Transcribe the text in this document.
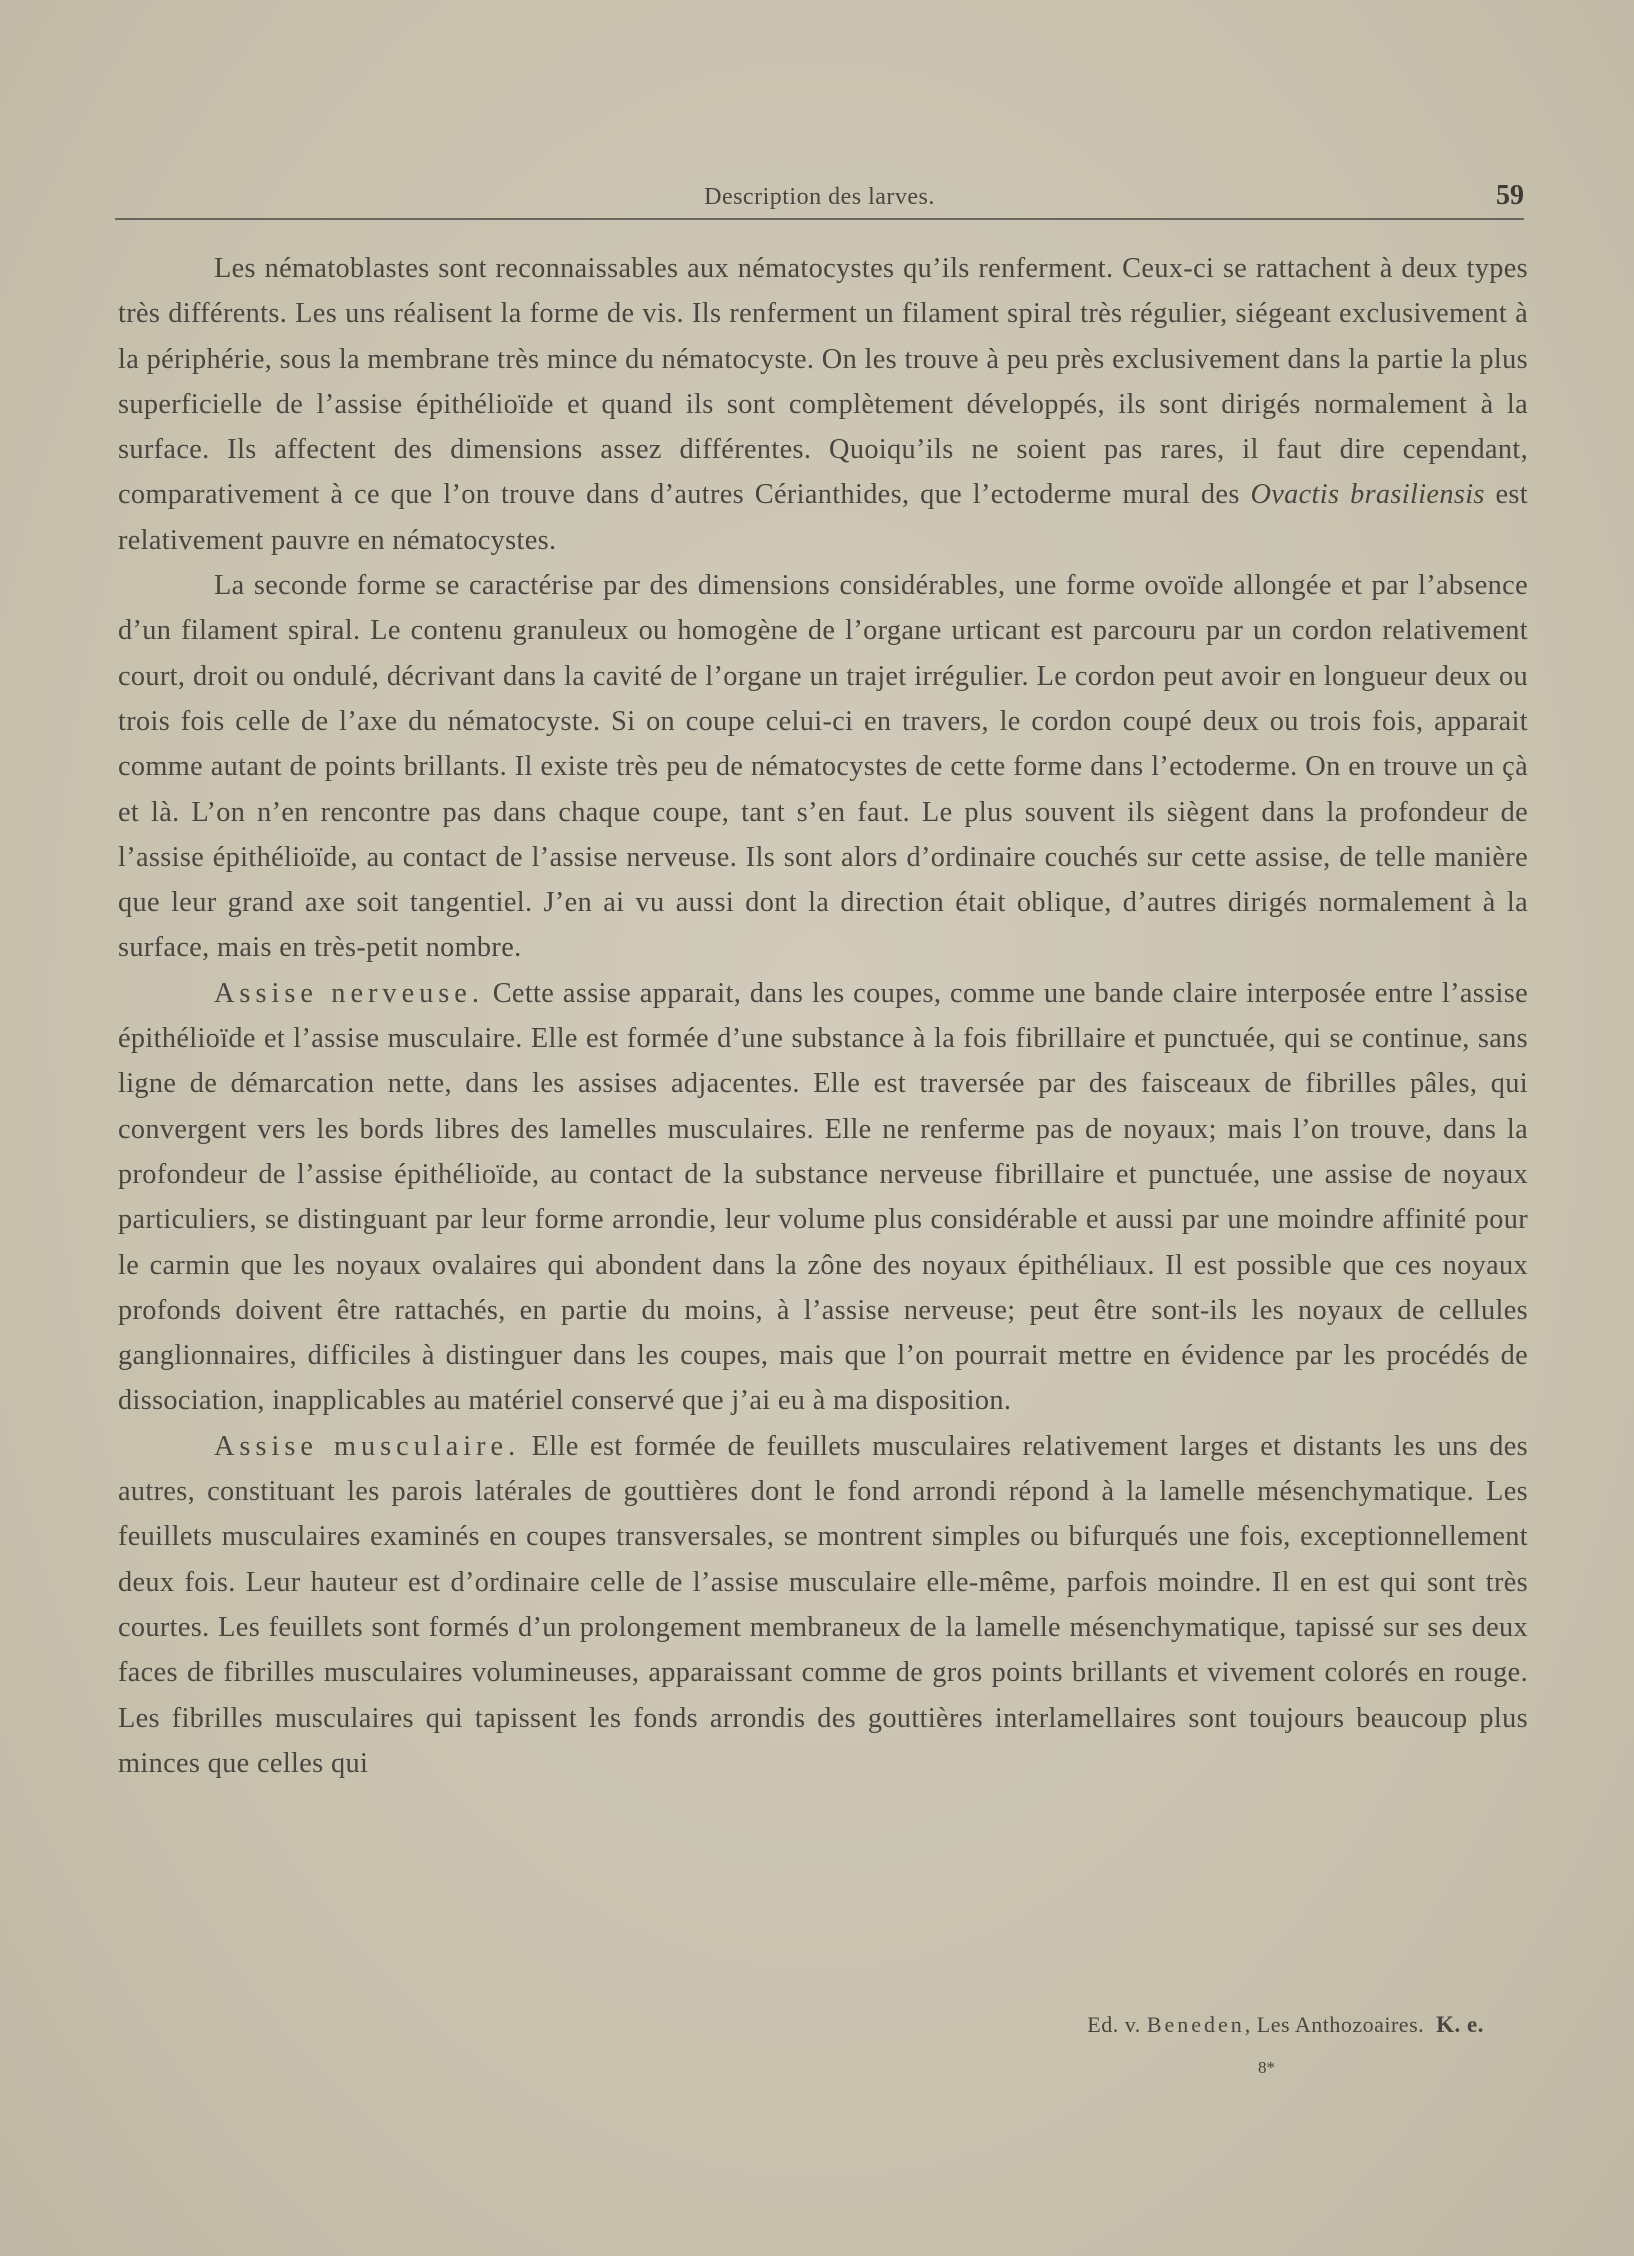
Description des larves.	59

Les nématoblastes sont reconnaissables aux nématocystes qu’ils renferment. Ceux-ci se rattachent à deux types très différents. Les uns réalisent la forme de vis. Ils renferment un filament spiral très régulier, siégeant exclusivement à la périphérie, sous la membrane très mince du nématocyste. On les trouve à peu près exclusivement dans la partie la plus superficielle de l’assise épithélioïde et quand ils sont complètement développés, ils sont dirigés normalement à la surface. Ils affectent des dimensions assez différentes. Quoiqu’ils ne soient pas rares, il faut dire cependant, comparativement à ce que l’on trouve dans d’autres Cérianthides, que l’ectoderme mural des Ovactis brasiliensis est relativement pauvre en nématocystes.

La seconde forme se caractérise par des dimensions considérables, une forme ovoïde allongée et par l’absence d’un filament spiral. Le contenu granuleux ou homogène de l’organe urticant est parcouru par un cordon relativement court, droit ou ondulé, décrivant dans la cavité de l’organe un trajet irrégulier. Le cordon peut avoir en longueur deux ou trois fois celle de l’axe du nématocyste. Si on coupe celui-ci en travers, le cordon coupé deux ou trois fois, apparait comme autant de points brillants. Il existe très peu de nématocystes de cette forme dans l’ectoderme. On en trouve un çà et là. L’on n’en rencontre pas dans chaque coupe, tant s’en faut. Le plus souvent ils siègent dans la profondeur de l’assise épithélioïde, au contact de l’assise nerveuse. Ils sont alors d’ordinaire couchés sur cette assise, de telle manière que leur grand axe soit tangentiel. J’en ai vu aussi dont la direction était oblique, d’autres dirigés normalement à la surface, mais en très-petit nombre.

Assise nerveuse. Cette assise apparait, dans les coupes, comme une bande claire interposée entre l’assise épithélioïde et l’assise musculaire. Elle est formée d’une substance à la fois fibrillaire et punctuée, qui se continue, sans ligne de démarcation nette, dans les assises adjacentes. Elle est traversée par des faisceaux de fibrilles pâles, qui convergent vers les bords libres des lamelles musculaires. Elle ne renferme pas de noyaux; mais l’on trouve, dans la profondeur de l’assise épithélioïde, au contact de la substance nerveuse fibrillaire et punctuée, une assise de noyaux particuliers, se distinguant par leur forme arrondie, leur volume plus considérable et aussi par une moindre affinité pour le carmin que les noyaux ovalaires qui abondent dans la zône des noyaux épithéliaux. Il est possible que ces noyaux profonds doivent être rattachés, en partie du moins, à l’assise nerveuse; peut être sont-ils les noyaux de cellules ganglionnaires, difficiles à distinguer dans les coupes, mais que l’on pourrait mettre en évidence par les procédés de dissociation, inapplicables au matériel conservé que j’ai eu à ma disposition.

Assise musculaire. Elle est formée de feuillets musculaires relativement larges et distants les uns des autres, constituant les parois latérales de gouttières dont le fond arrondi répond à la lamelle mésenchymatique. Les feuillets musculaires examinés en coupes transversales, se montrent simples ou bifurqués une fois, exceptionnellement deux fois. Leur hauteur est d’ordinaire celle de l’assise musculaire elle-même, parfois moindre. Il en est qui sont très courtes. Les feuillets sont formés d’un prolongement membraneux de la lamelle mésenchymatique, tapissé sur ses deux faces de fibrilles musculaires volumineuses, apparaissant comme de gros points brillants et vivement colorés en rouge. Les fibrilles musculaires qui tapissent les fonds arrondis des gouttières interlamellaires sont toujours beaucoup plus minces que celles qui

Ed. v. Beneden, Les Anthozoaires. K. e.
8*
